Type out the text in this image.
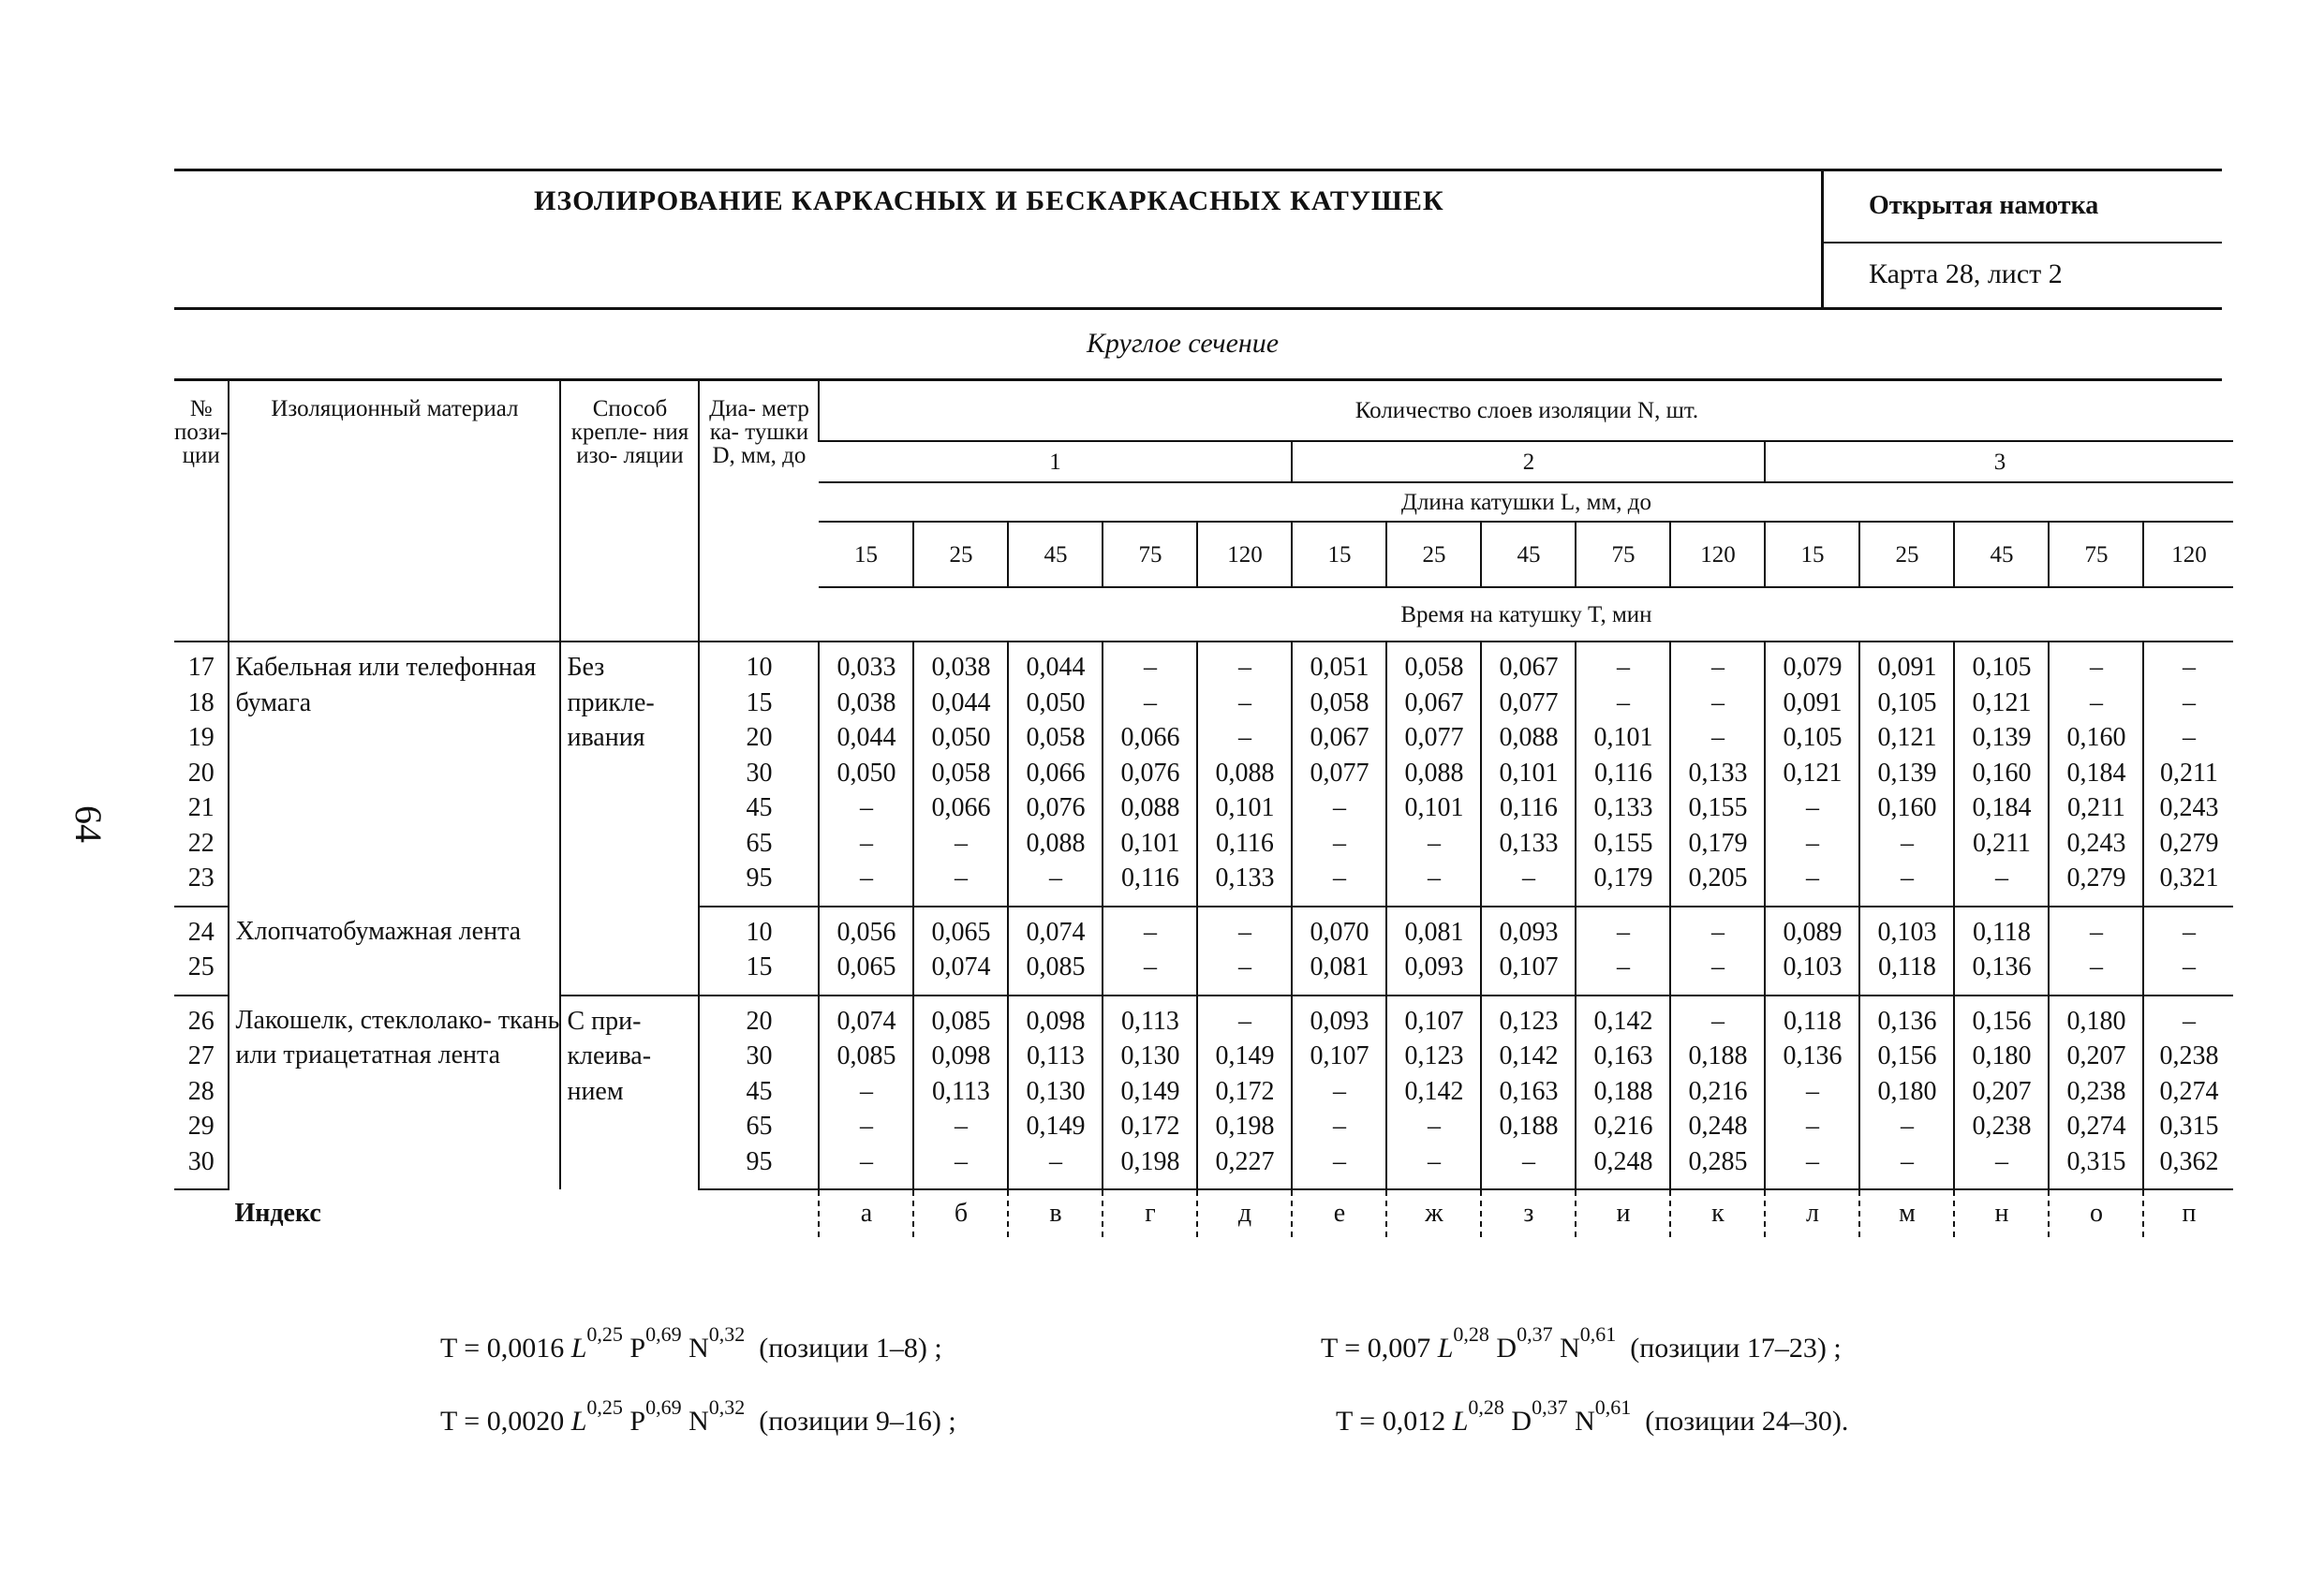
ИЗОЛИРОВАНИЕ КАРКАСНЫХ И БЕСКАРКАСНЫХ КАТУШЕК	Открытая намотка
Карта 28, лист 2
Круглое сечение
64
№ пози- ции	Изоляционный материал	Способ крепле- ния изо- ляции	Диа- метр ка- тушки D, мм, до	Количество слоев изоляции N, шт.														
				1					2					3				
				Длина катушки L, мм, до														
				15	25	45	75	120	15	25	45	75	120	15	25	45	75	120
				Время на катушку T, мин														

17	Кабельная или телефонная бумага	Без прикле- ивания	10	0,033	0,038	0,044	–	–	0,051	0,058	0,067	–	–	0,079	0,091	0,105	–	–
18			15	0,038	0,044	0,050	–	–	0,058	0,067	0,077	–	–	0,091	0,105	0,121	–	–
19			20	0,044	0,050	0,058	0,066	–	0,067	0,077	0,088	0,101	–	0,105	0,121	0,139	0,160	–
20			30	0,050	0,058	0,066	0,076	0,088	0,077	0,088	0,101	0,116	0,133	0,121	0,139	0,160	0,184	0,211
21			45	–	0,066	0,076	0,088	0,101	–	0,101	0,116	0,133	0,155	–	0,160	0,184	0,211	0,243
22			65	–	–	0,088	0,101	0,116	–	–	0,133	0,155	0,179	–	–	0,211	0,243	0,279
23			95	–	–	–	0,116	0,133	–	–	–	0,179	0,205	–	–	–	0,279	0,321
24	Хлопчатобумажная лента		10	0,056	0,065	0,074	–	–	0,070	0,081	0,093	–	–	0,089	0,103	0,118	–	–
25			15	0,065	0,074	0,085	–	–	0,081	0,093	0,107	–	–	0,103	0,118	0,136	–	–
26	Лакошелк, стеклолако- ткань или триацетатная лента	С при- клеива- нием	20	0,074	0,085	0,098	0,113	–	0,093	0,107	0,123	0,142	–	0,118	0,136	0,156	0,180	–
27			30	0,085	0,098	0,113	0,130	0,149	0,107	0,123	0,142	0,163	0,188	0,136	0,156	0,180	0,207	0,238
28			45	–	0,113	0,130	0,149	0,172	–	0,142	0,163	0,188	0,216	–	0,180	0,207	0,238	0,274
29			65	–	–	0,149	0,172	0,198	–	–	0,188	0,216	0,248	–	–	0,238	0,274	0,315
30			95	–	–	–	0,198	0,227	–	–	–	0,248	0,285	–	–	–	0,315	0,362
	Индекс			а	б	в	г	д	е	ж	з	и	к	л	м	н	о	п
T = 0,0016 L$^{0,25}$ P$^{0,69}$ N$^{0,32}$  (позиции 1–8) ;
T = 0,0020 L$^{0,25}$ P$^{0,69}$ N$^{0,32}$  (позиции 9–16) ;
T = 0,007 L$^{0,28}$ D$^{0,37}$ N$^{0,61}$  (позиции 17–23) ;
T = 0,012 L$^{0,28}$ D$^{0,37}$ N$^{0,61}$  (позиции 24–30).
